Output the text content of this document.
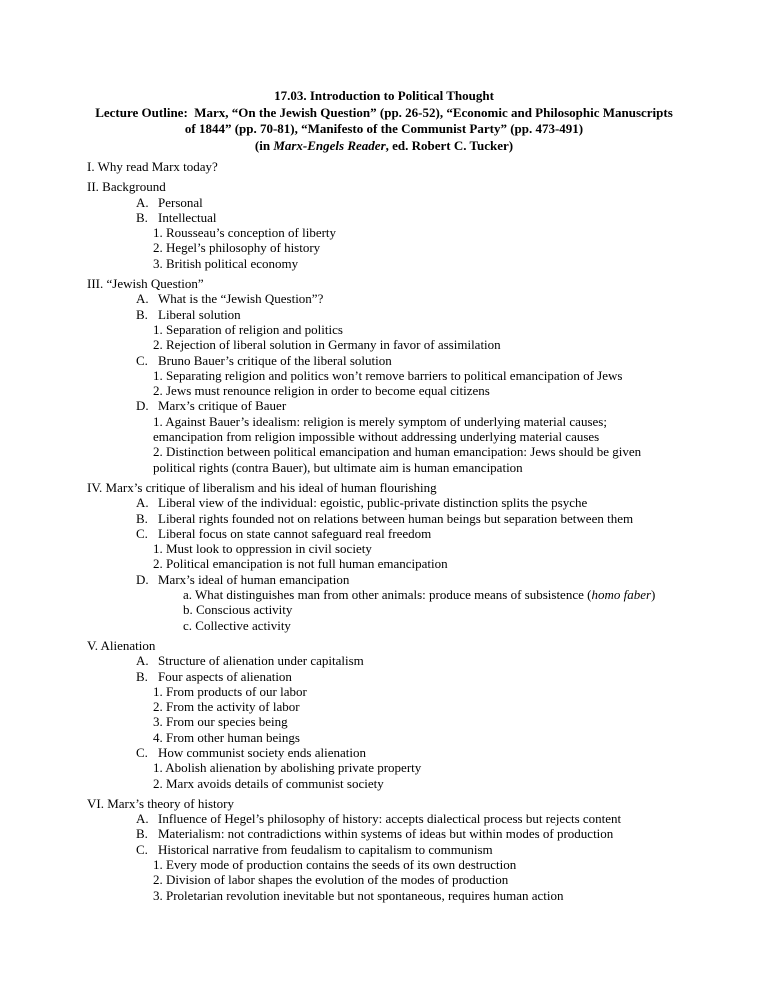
17.03. Introduction to Political Thought
Lecture Outline:  Marx, “On the Jewish Question” (pp. 26-52), “Economic and Philosophic Manuscripts
of 1844” (pp. 70-81), “Manifesto of the Communist Party” (pp. 473-491)
(in Marx-Engels Reader, ed. Robert C. Tucker)
I. Why read Marx today?
II. Background
A. Personal
B. Intellectual
1. Rousseau’s conception of liberty
2. Hegel’s philosophy of history
3. British political economy
III. “Jewish Question”
A. What is the “Jewish Question”?
B. Liberal solution
1. Separation of religion and politics
2. Rejection of liberal solution in Germany in favor of assimilation
C. Bruno Bauer’s critique of the liberal solution
1. Separating religion and politics won’t remove barriers to political emancipation of Jews
2. Jews must renounce religion in order to become equal citizens
D. Marx’s critique of Bauer
1. Against Bauer’s idealism: religion is merely symptom of underlying material causes;
emancipation from religion impossible without addressing underlying material causes
2. Distinction between political emancipation and human emancipation: Jews should be given
political rights (contra Bauer), but ultimate aim is human emancipation
IV. Marx’s critique of liberalism and his ideal of human flourishing
A. Liberal view of the individual: egoistic, public-private distinction splits the psyche
B. Liberal rights founded not on relations between human beings but separation between them
C. Liberal focus on state cannot safeguard real freedom
1. Must look to oppression in civil society
2. Political emancipation is not full human emancipation
D. Marx’s ideal of human emancipation
a. What distinguishes man from other animals: produce means of subsistence (homo faber)
b. Conscious activity
c. Collective activity
V. Alienation
A. Structure of alienation under capitalism
B. Four aspects of alienation
1. From products of our labor
2. From the activity of labor
3. From our species being
4. From other human beings
C. How communist society ends alienation
1. Abolish alienation by abolishing private property
2. Marx avoids details of communist society
VI. Marx’s theory of history
A. Influence of Hegel’s philosophy of history: accepts dialectical process but rejects content
B. Materialism: not contradictions within systems of ideas but within modes of production
C. Historical narrative from feudalism to capitalism to communism
1. Every mode of production contains the seeds of its own destruction
2. Division of labor shapes the evolution of the modes of production
3. Proletarian revolution inevitable but not spontaneous, requires human action
